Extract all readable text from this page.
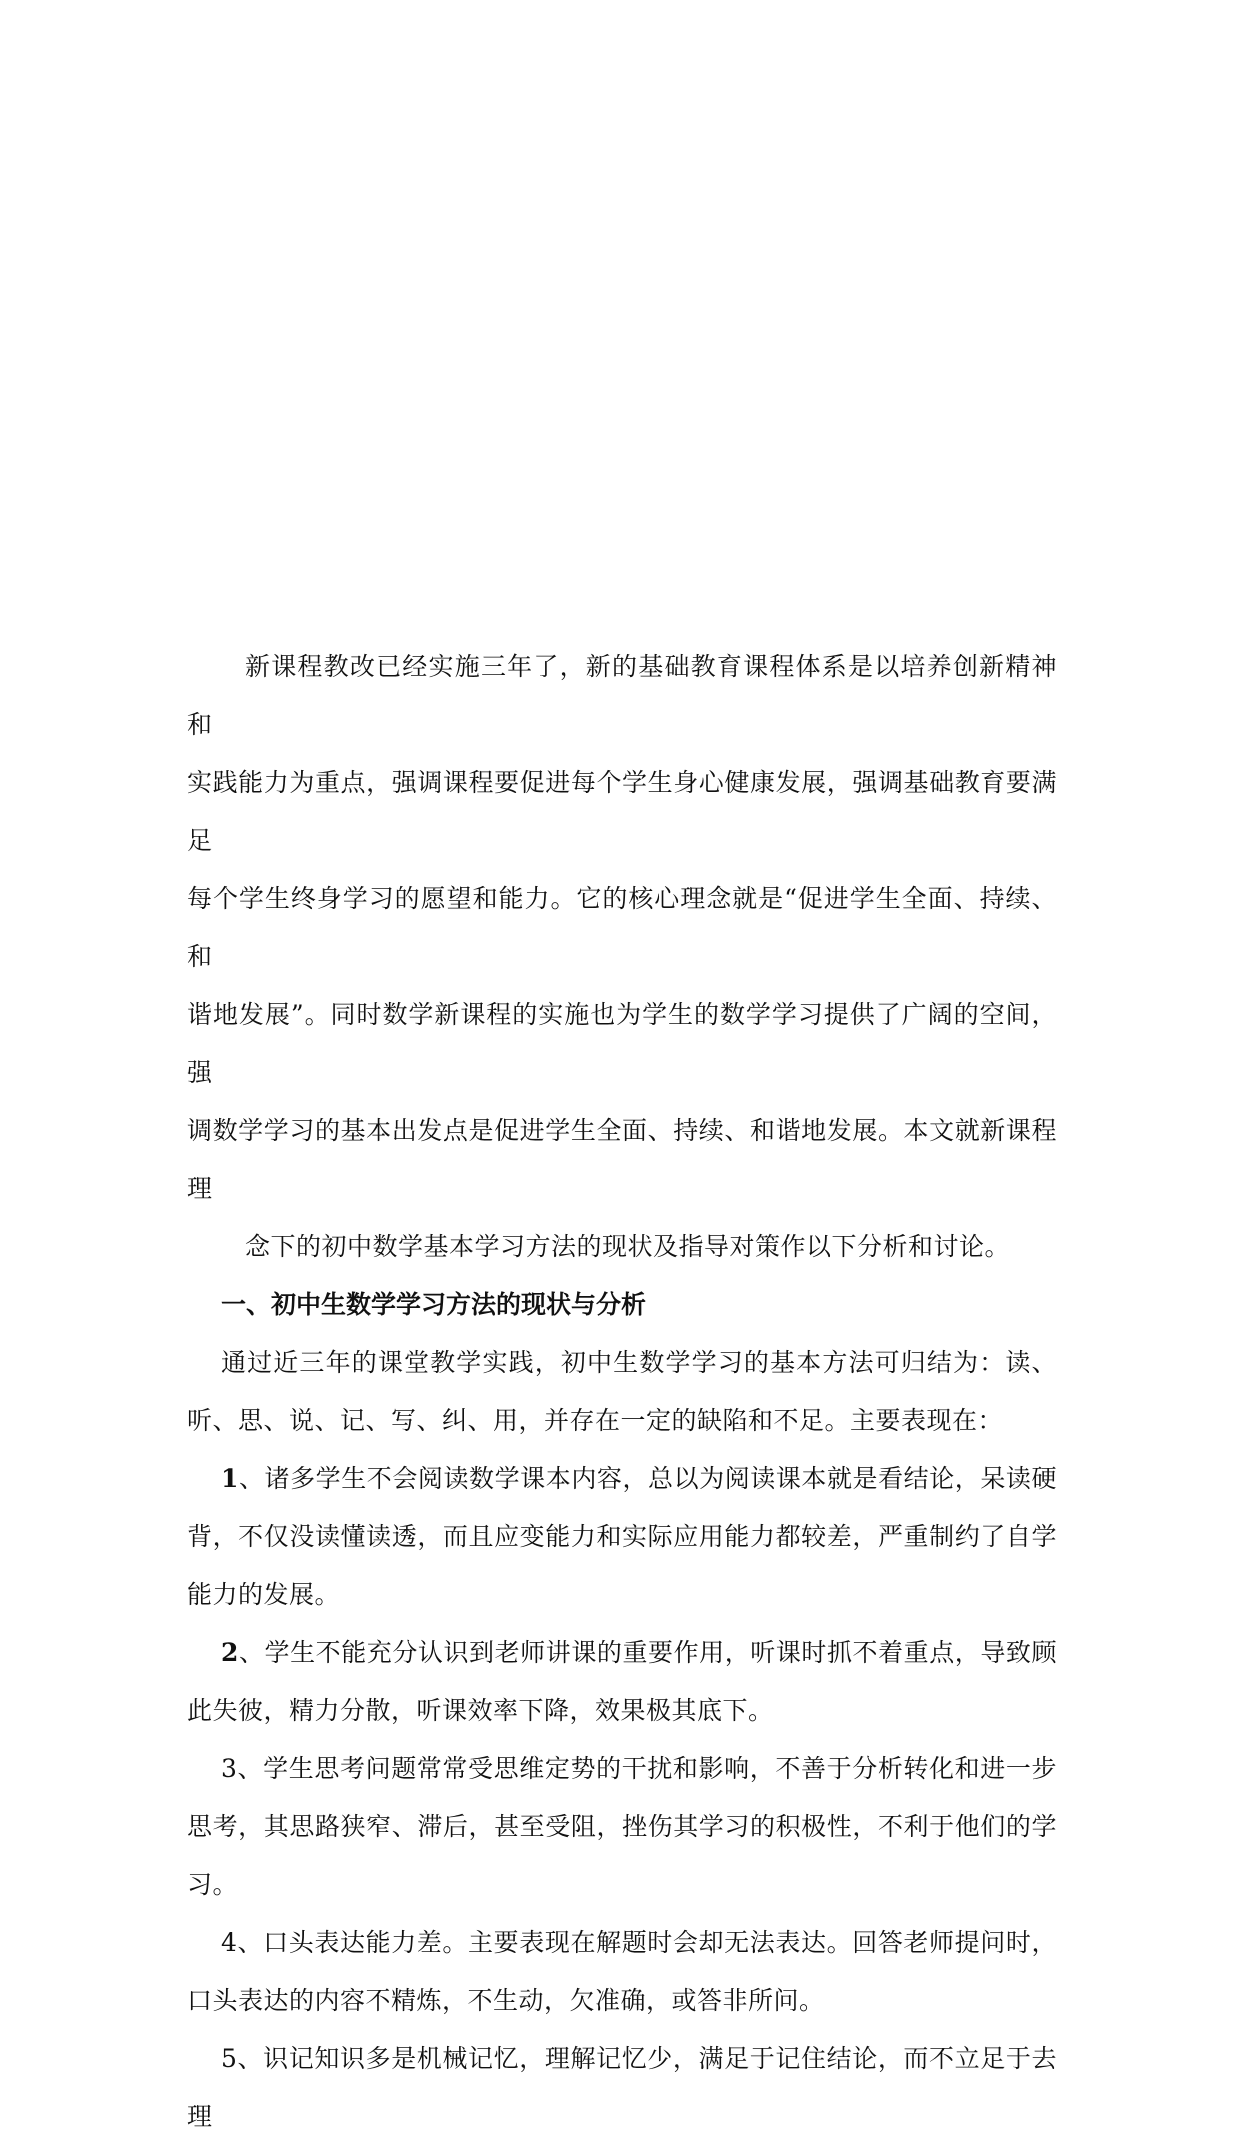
新课程教改已经实施三年了，新的基础教育课程体系是以培养创新精神和
实践能力为重点，强调课程要促进每个学生身心健康发展，强调基础教育要满足
每个学生终身学习的愿望和能力。它的核心理念就是“促进学生全面、持续、和
谐地发展”。同时数学新课程的实施也为学生的数学学习提供了广阔的空间，强
调数学学习的基本出发点是促进学生全面、持续、和谐地发展。本文就新课程理
念下的初中数学基本学习方法的现状及指导对策作以下分析和讨论。

一、初中生数学学习方法的现状与分析

通过近三年的课堂教学实践，初中生数学学习的基本方法可归结为：读、听、思、说、记、写、纠、用，并存在一定的缺陷和不足。主要表现在：

1、诸多学生不会阅读数学课本内容，总以为阅读课本就是看结论，呆读硬背，不仅没读懂读透，而且应变能力和实际应用能力都较差，严重制约了自学能力的发展。

2、学生不能充分认识到老师讲课的重要作用，听课时抓不着重点，导致顾此失彼，精力分散，听课效率下降，效果极其底下。

3、学生思考问题常常受思维定势的干扰和影响，不善于分析转化和进一步思考，其思路狭窄、滞后，甚至受阻，挫伤其学习的积极性，不利于他们的学习。

4、口头表达能力差。主要表现在解题时会却无法表达。回答老师提问时，口头表达的内容不精炼，不生动，欠准确，或答非所问。

5、识记知识多是机械记忆，理解记忆少，满足于记住结论，而不立足于去理
